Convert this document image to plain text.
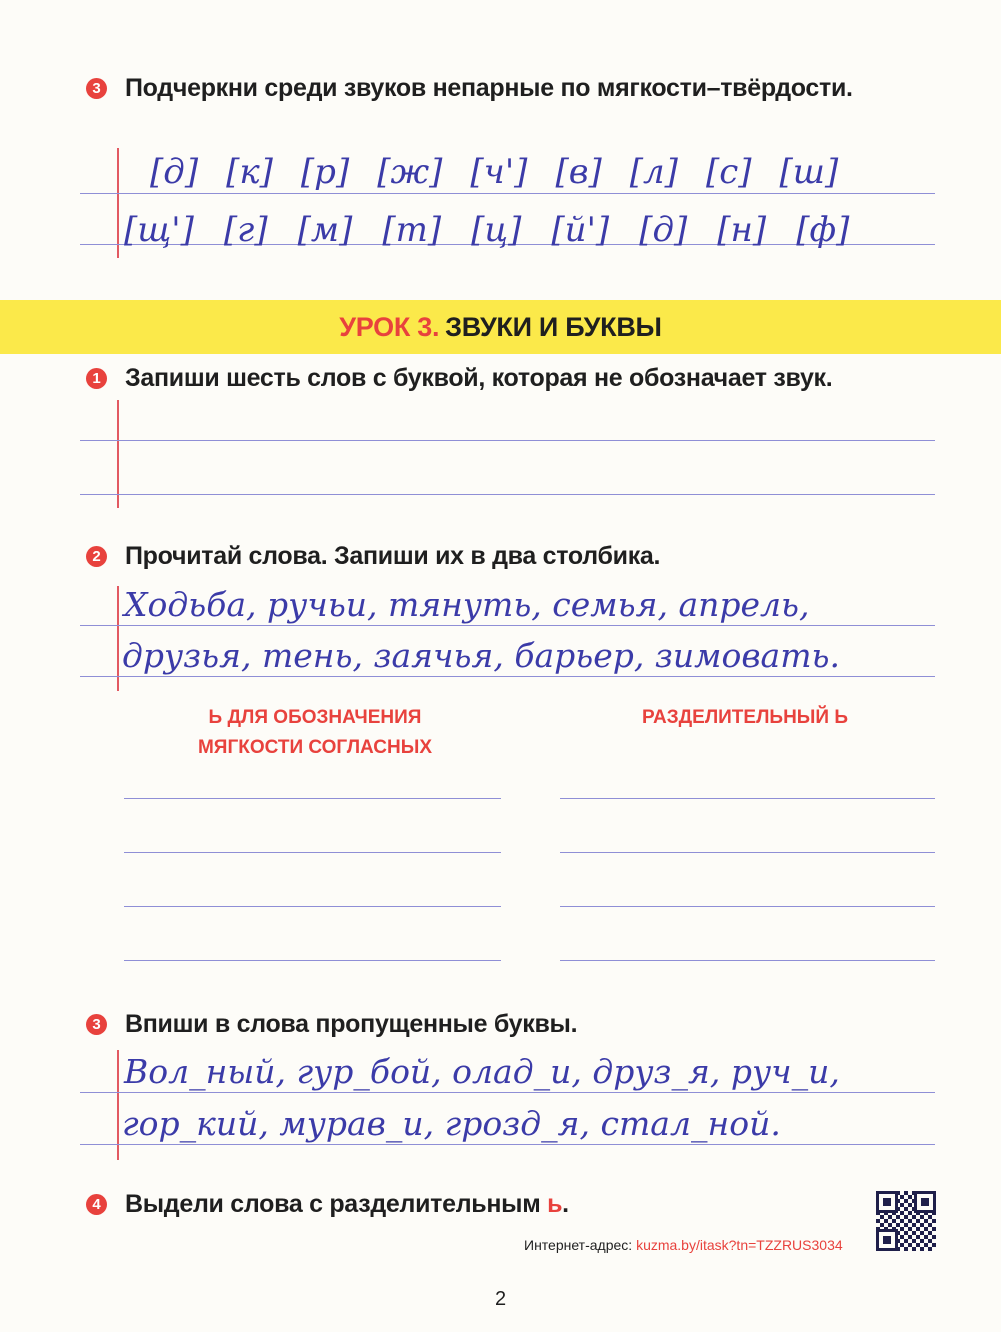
3 Подчеркни среди звуков непарные по мягкости–твёрдости.
[д] [к] [р] [ж] [ч'] [в] [л] [с] [ш]
[щ'] [г] [м] [т] [ц] [й'] [д] [н] [ф]
УРОК 3. ЗВУКИ И БУКВЫ
1 Запиши шесть слов с буквой, которая не обозначает звук.
2 Прочитай слова. Запиши их в два столбика.
Ходьба, ручьи, тянуть, семья, апрель,
друзья, тень, заячья, барьер, зимовать.
Ь ДЛЯ ОБОЗНАЧЕНИЯ
МЯГКОСТИ СОГЛАСНЫХ
РАЗДЕЛИТЕЛЬНЫЙ Ь
3 Впиши в слова пропущенные буквы.
Вол_ный, гур_бой, олад_и, друз_я, руч_и,
гор_кий, мурав_и, грозд_я, стал_ной.
4 Выдели слова с разделительным ь.
Интернет-адрес: kuzma.by/itask?tn=TZZRUS3034
2
